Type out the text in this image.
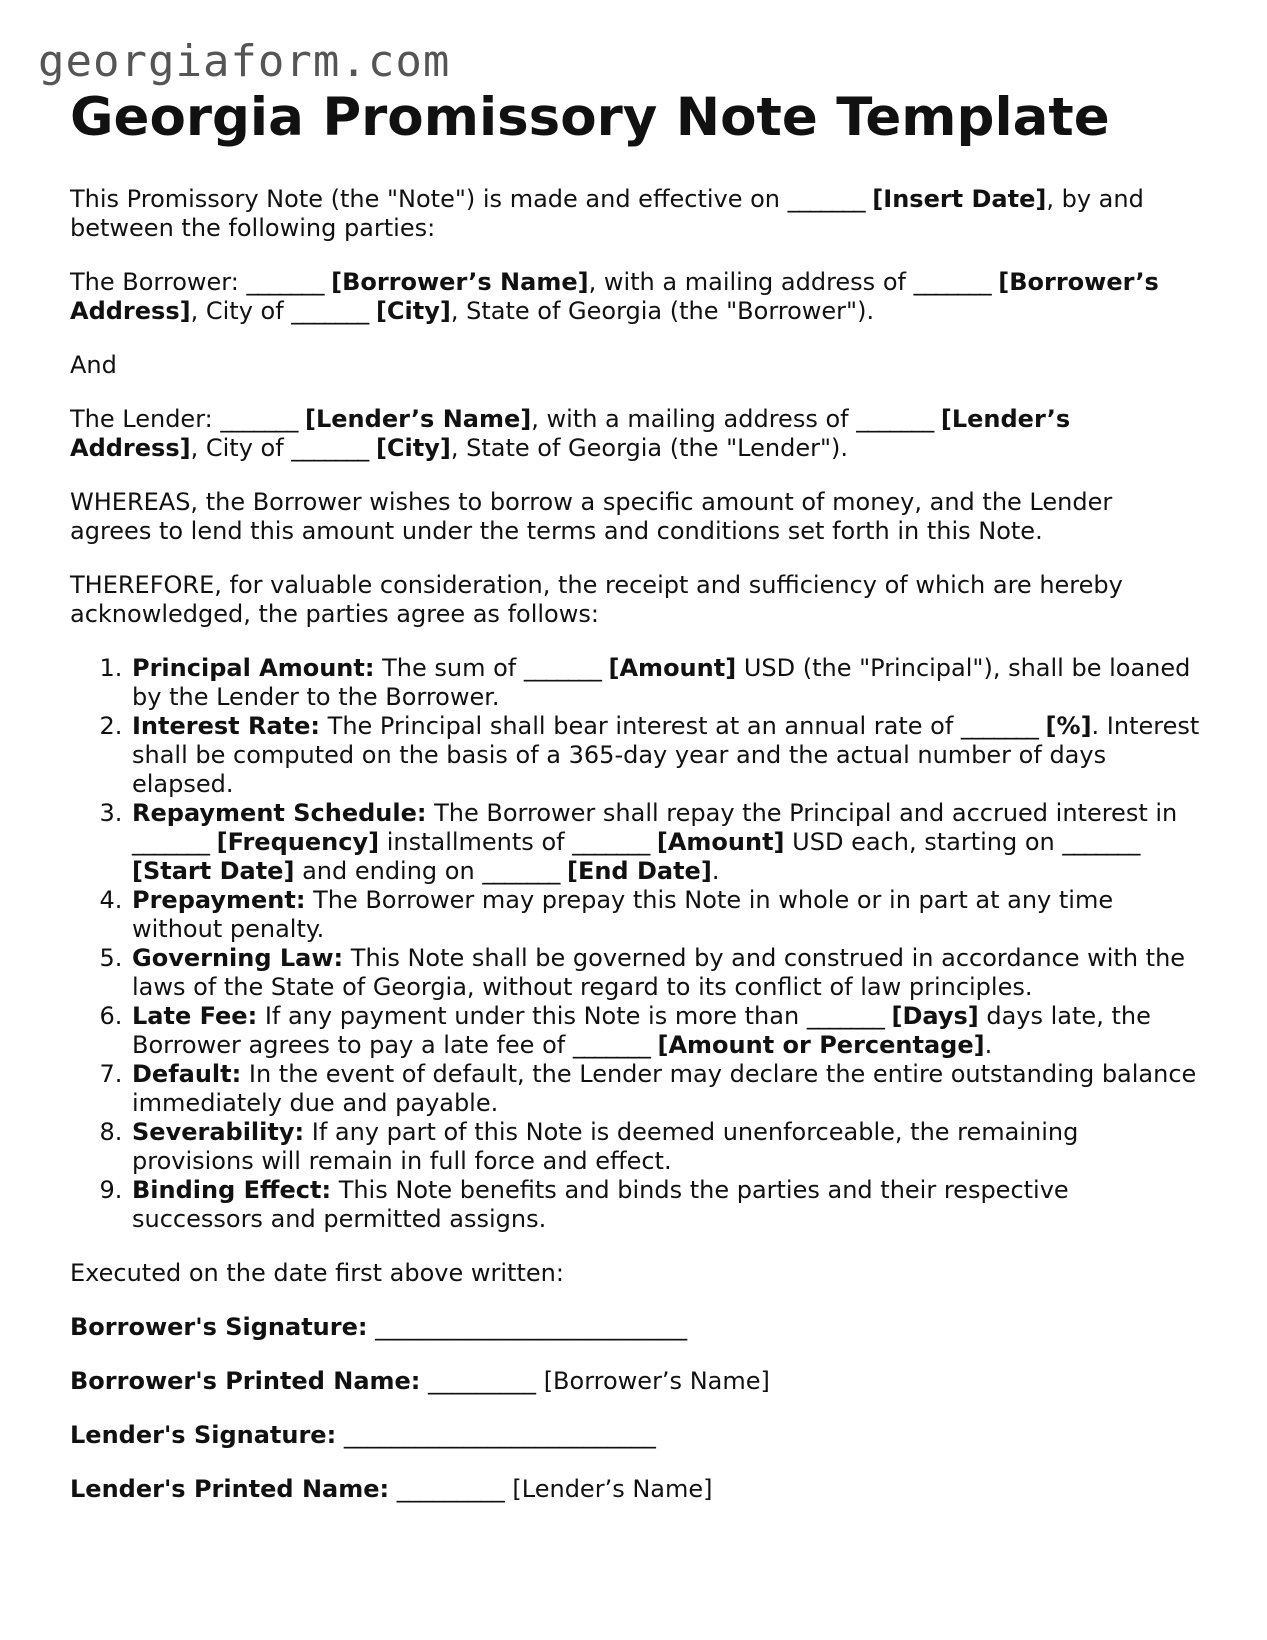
georgiaform.com
Georgia Promissory Note Template

This Promissory Note (the "Note") is made and effective on _______ [Insert Date], by and between the following parties:

The Borrower: _______ [Borrower’s Name], with a mailing address of _______ [Borrower’s Address], City of _______ [City], State of Georgia (the "Borrower").

And

The Lender: _______ [Lender’s Name], with a mailing address of _______ [Lender’s Address], City of _______ [City], State of Georgia (the "Lender").

WHEREAS, the Borrower wishes to borrow a specific amount of money, and the Lender agrees to lend this amount under the terms and conditions set forth in this Note.

THEREFORE, for valuable consideration, the receipt and sufficiency of which are hereby acknowledged, the parties agree as follows:

1. Principal Amount: The sum of _______ [Amount] USD (the "Principal"), shall be loaned by the Lender to the Borrower.
2. Interest Rate: The Principal shall bear interest at an annual rate of _______ [%]. Interest shall be computed on the basis of a 365-day year and the actual number of days elapsed.
3. Repayment Schedule: The Borrower shall repay the Principal and accrued interest in _______ [Frequency] installments of _______ [Amount] USD each, starting on _______ [Start Date] and ending on _______ [End Date].
4. Prepayment: The Borrower may prepay this Note in whole or in part at any time without penalty.
5. Governing Law: This Note shall be governed by and construed in accordance with the laws of the State of Georgia, without regard to its conflict of law principles.
6. Late Fee: If any payment under this Note is more than _______ [Days] days late, the Borrower agrees to pay a late fee of _______ [Amount or Percentage].
7. Default: In the event of default, the Lender may declare the entire outstanding balance immediately due and payable.
8. Severability: If any part of this Note is deemed unenforceable, the remaining provisions will remain in full force and effect.
9. Binding Effect: This Note benefits and binds the parties and their respective successors and permitted assigns.

Executed on the date first above written:

Borrower's Signature: __________________________

Borrower's Printed Name: _________ [Borrower’s Name]

Lender's Signature: __________________________

Lender's Printed Name: _________ [Lender’s Name]
